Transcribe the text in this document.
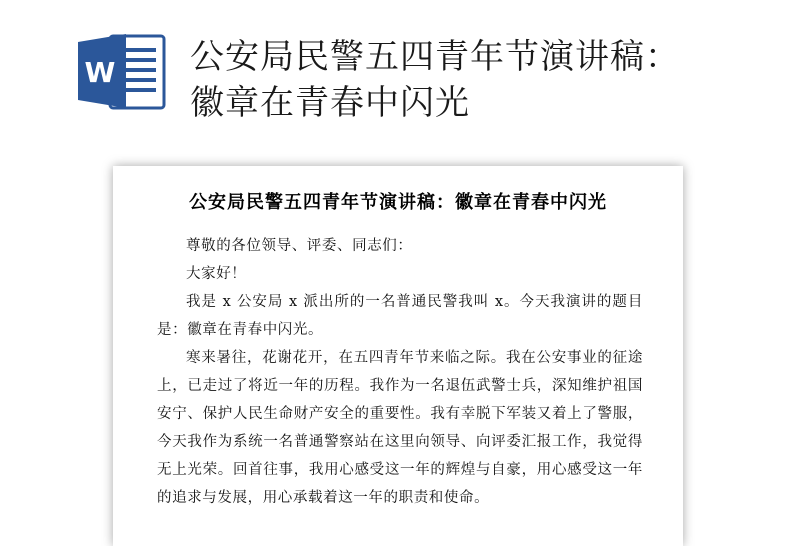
W 公安局民警五四青年节演讲稿：
徽章在青春中闪光
公安局民警五四青年节演讲稿：徽章在青春中闪光

尊敬的各位领导、评委、同志们：

大家好！

我是 x 公安局 x 派出所的一名普通民警我叫 x。今天我演讲的题目是：徽章在青春中闪光。

寒来暑往，花谢花开，在五四青年节来临之际。我在公安事业的征途上，已走过了将近一年的历程。我作为一名退伍武警士兵，深知维护祖国安宁、保护人民生命财产安全的重要性。我有幸脱下军装又着上了警服，今天我作为系统一名普通警察站在这里向领导、向评委汇报工作，我觉得无上光荣。回首往事，我用心感受这一年的辉煌与自豪，用心感受这一年的追求与发展，用心承载着这一年的职责和使命。
